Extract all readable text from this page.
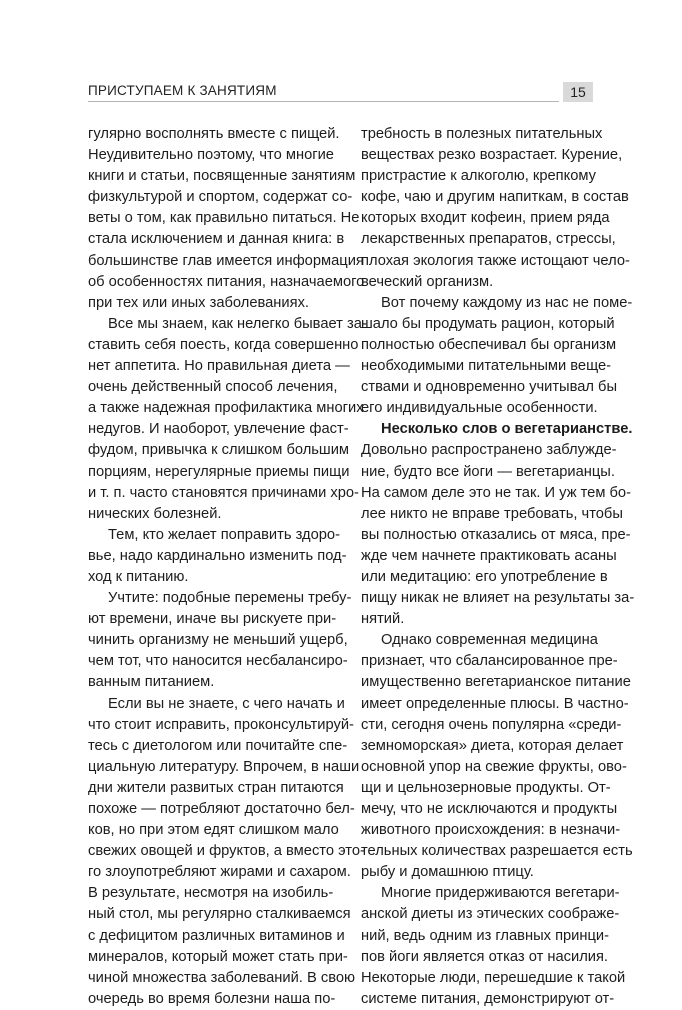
ПРИСТУПАЕМ К ЗАНЯТИЯМ	15
гулярно восполнять вместе с пищей.
Неудивительно поэтому, что многие
книги и статьи, посвященные занятиям
физкультурой и спортом, содержат со-
веты о том, как правильно питаться. Не
стала исключением и данная книга: в
большинстве глав имеется информация
об особенностях питания, назначаемого
при тех или иных заболеваниях.
Все мы знаем, как нелегко бывает за-
ставить себя поесть, когда совершенно
нет аппетита. Но правильная диета —
очень действенный способ лечения,
а также надежная профилактика многих
недугов. И наоборот, увлечение фаст-
фудом, привычка к слишком большим
порциям, нерегулярные приемы пищи
и т. п. часто становятся причинами хро-
нических болезней.
Тем, кто желает поправить здоро-
вье, надо кардинально изменить под-
ход к питанию.
Учтите: подобные перемены требу-
ют времени, иначе вы рискуете при-
чинить организму не меньший ущерб,
чем тот, что наносится несбалансиро-
ванным питанием.
Если вы не знаете, с чего начать и
что стоит исправить, проконсультируй-
тесь с диетологом или почитайте спе-
циальную литературу. Впрочем, в наши
дни жители развитых стран питаются
похоже — потребляют достаточно бел-
ков, но при этом едят слишком мало
свежих овощей и фруктов, а вместо это-
го злоупотребляют жирами и сахаром.
В результате, несмотря на изобиль-
ный стол, мы регулярно сталкиваемся
с дефицитом различных витаминов и
минералов, который может стать при-
чиной множества заболеваний. В свою
очередь во время болезни наша по-
требность в полезных питательных
веществах резко возрастает. Курение,
пристрастие к алкоголю, крепкому
кофе, чаю и другим напиткам, в состав
которых входит кофеин, прием ряда
лекарственных препаратов, стрессы,
плохая экология также истощают чело-
веческий организм.
Вот почему каждому из нас не поме-
шало бы продумать рацион, который
полностью обеспечивал бы организм
необходимыми питательными веще-
ствами и одновременно учитывал бы
его индивидуальные особенности.
Несколько слов о вегетарианстве.
Довольно распространено заблужде-
ние, будто все йоги — вегетарианцы.
На самом деле это не так. И уж тем бо-
лее никто не вправе требовать, чтобы
вы полностью отказались от мяса, пре-
жде чем начнете практиковать асаны
или медитацию: его употребление в
пищу никак не влияет на результаты за-
нятий.
Однако современная медицина
признает, что сбалансированное пре-
имущественно вегетарианское питание
имеет определенные плюсы. В частно-
сти, сегодня очень популярна «среди-
земноморская» диета, которая делает
основной упор на свежие фрукты, ово-
щи и цельнозерновые продукты. От-
мечу, что не исключаются и продукты
животного происхождения: в незначи-
тельных количествах разрешается есть
рыбу и домашнюю птицу.
Многие придерживаются вегетари-
анской диеты из этических соображе-
ний, ведь одним из главных принци-
пов йоги является отказ от насилия.
Некоторые люди, перешедшие к такой
системе питания, демонстрируют от-
